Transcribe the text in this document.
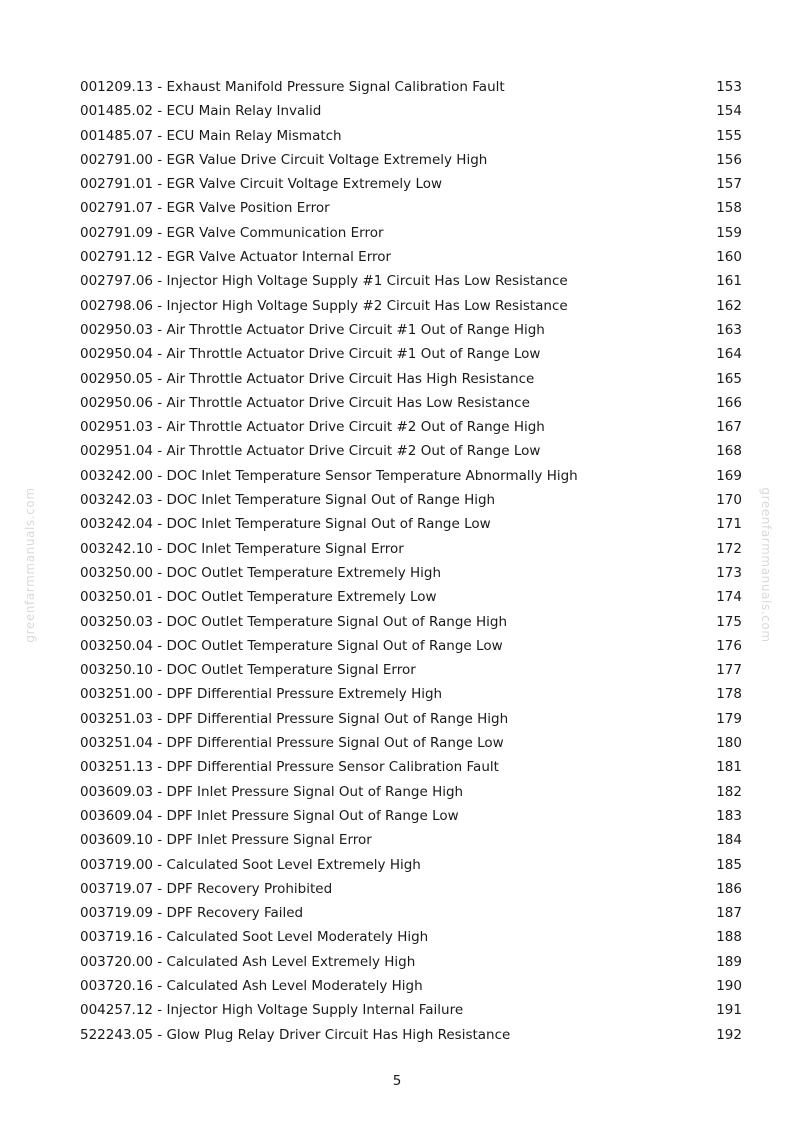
001209.13 - Exhaust Manifold Pressure Signal Calibration Fault	153
001485.02 - ECU Main Relay Invalid	154
001485.07 - ECU Main Relay Mismatch	155
002791.00 - EGR Value Drive Circuit Voltage Extremely High	156
002791.01 - EGR Valve Circuit Voltage Extremely Low	157
002791.07 - EGR Valve Position Error	158
002791.09 - EGR Valve Communication Error	159
002791.12 - EGR Valve Actuator Internal Error	160
002797.06 - Injector High Voltage Supply #1 Circuit Has Low Resistance	161
002798.06 - Injector High Voltage Supply #2 Circuit Has Low Resistance	162
002950.03 - Air Throttle Actuator Drive Circuit #1 Out of Range High	163
002950.04 - Air Throttle Actuator Drive Circuit #1 Out of Range Low	164
002950.05 - Air Throttle Actuator Drive Circuit Has High Resistance	165
002950.06 - Air Throttle Actuator Drive Circuit Has Low Resistance	166
002951.03 - Air Throttle Actuator Drive Circuit #2 Out of Range High	167
002951.04 - Air Throttle Actuator Drive Circuit #2 Out of Range Low	168
003242.00 - DOC Inlet Temperature Sensor Temperature Abnormally High	169
003242.03 - DOC Inlet Temperature Signal Out of Range High	170
003242.04 - DOC Inlet Temperature Signal Out of Range Low	171
003242.10 - DOC Inlet Temperature Signal Error	172
003250.00 - DOC Outlet Temperature Extremely High	173
003250.01 - DOC Outlet Temperature Extremely Low	174
003250.03 - DOC Outlet Temperature Signal Out of Range High	175
003250.04 - DOC Outlet Temperature Signal Out of Range Low	176
003250.10 - DOC Outlet Temperature Signal Error	177
003251.00 - DPF Differential Pressure Extremely High	178
003251.03 - DPF Differential Pressure Signal Out of Range High	179
003251.04 - DPF Differential Pressure Signal Out of Range Low	180
003251.13 - DPF Differential Pressure Sensor Calibration Fault	181
003609.03 - DPF Inlet Pressure Signal Out of Range High	182
003609.04 - DPF Inlet Pressure Signal Out of Range Low	183
003609.10 - DPF Inlet Pressure Signal Error	184
003719.00 - Calculated Soot Level Extremely High	185
003719.07 - DPF Recovery Prohibited	186
003719.09 - DPF Recovery Failed	187
003719.16 - Calculated Soot Level Moderately High	188
003720.00 - Calculated Ash Level Extremely High	189
003720.16 - Calculated Ash Level Moderately High	190
004257.12 - Injector High Voltage Supply Internal Failure	191
522243.05 - Glow Plug Relay Driver Circuit Has High Resistance	192
greenfarmmanuals.com	greenfarmmanuals.com
5
